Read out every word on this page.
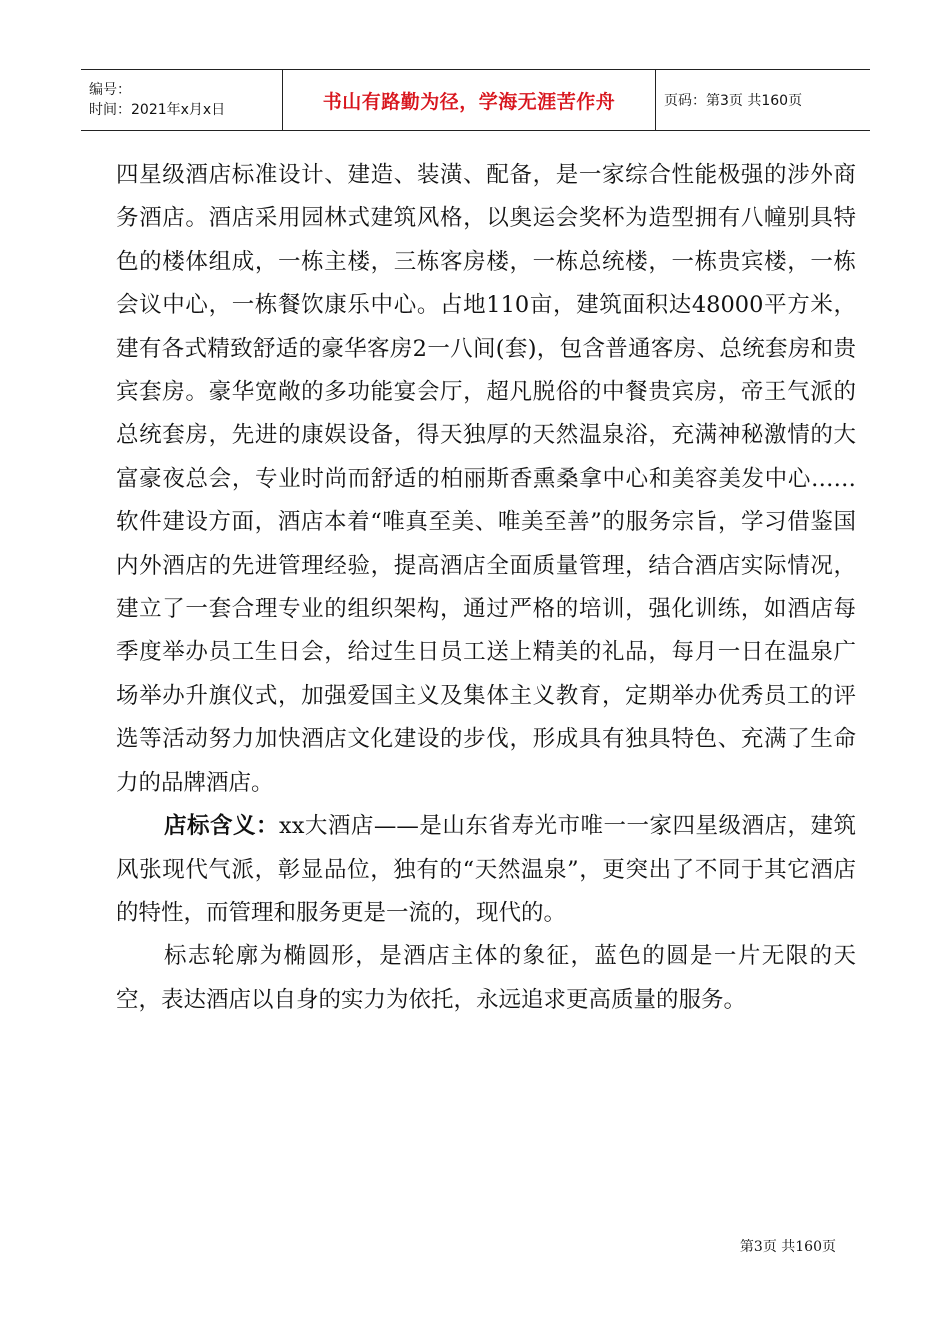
编号：
时间：2021年x月x日	书山有路勤为径，学海无涯苦作舟	页码：第3页 共160页

四星级酒店标准设计、建造、装潢、配备，是一家综合性能极强的涉外商务酒店。酒店采用园林式建筑风格，以奥运会奖杯为造型拥有八幢别具特色的楼体组成，一栋主楼，三栋客房楼，一栋总统楼，一栋贵宾楼，一栋会议中心，一栋餐饮康乐中心。占地110亩，建筑面积达48000平方米，建有各式精致舒适的豪华客房2一八间(套)，包含普通客房、总统套房和贵宾套房。豪华宽敞的多功能宴会厅，超凡脱俗的中餐贵宾房，帝王气派的总统套房，先进的康娱设备，得天独厚的天然温泉浴，充满神秘激情的大富豪夜总会，专业时尚而舒适的柏丽斯香熏桑拿中心和美容美发中心……软件建设方面，酒店本着“唯真至美、唯美至善”的服务宗旨，学习借鉴国内外酒店的先进管理经验，提高酒店全面质量管理，结合酒店实际情况，建立了一套合理专业的组织架构，通过严格的培训，强化训练，如酒店每季度举办员工生日会，给过生日员工送上精美的礼品，每月一日在温泉广场举办升旗仪式，加强爱国主义及集体主义教育，定期举办优秀员工的评选等活动努力加快酒店文化建设的步伐，形成具有独具特色、充满了生命力的品牌酒店。

店标含义：xx大酒店——是山东省寿光市唯一一家四星级酒店，建筑风张现代气派，彰显品位，独有的“天然温泉”，更突出了不同于其它酒店的特性，而管理和服务更是一流的，现代的。

标志轮廓为椭圆形，是酒店主体的象征，蓝色的圆是一片无限的天空，表达酒店以自身的实力为依托，永远追求更高质量的服务。

第3页 共160页
